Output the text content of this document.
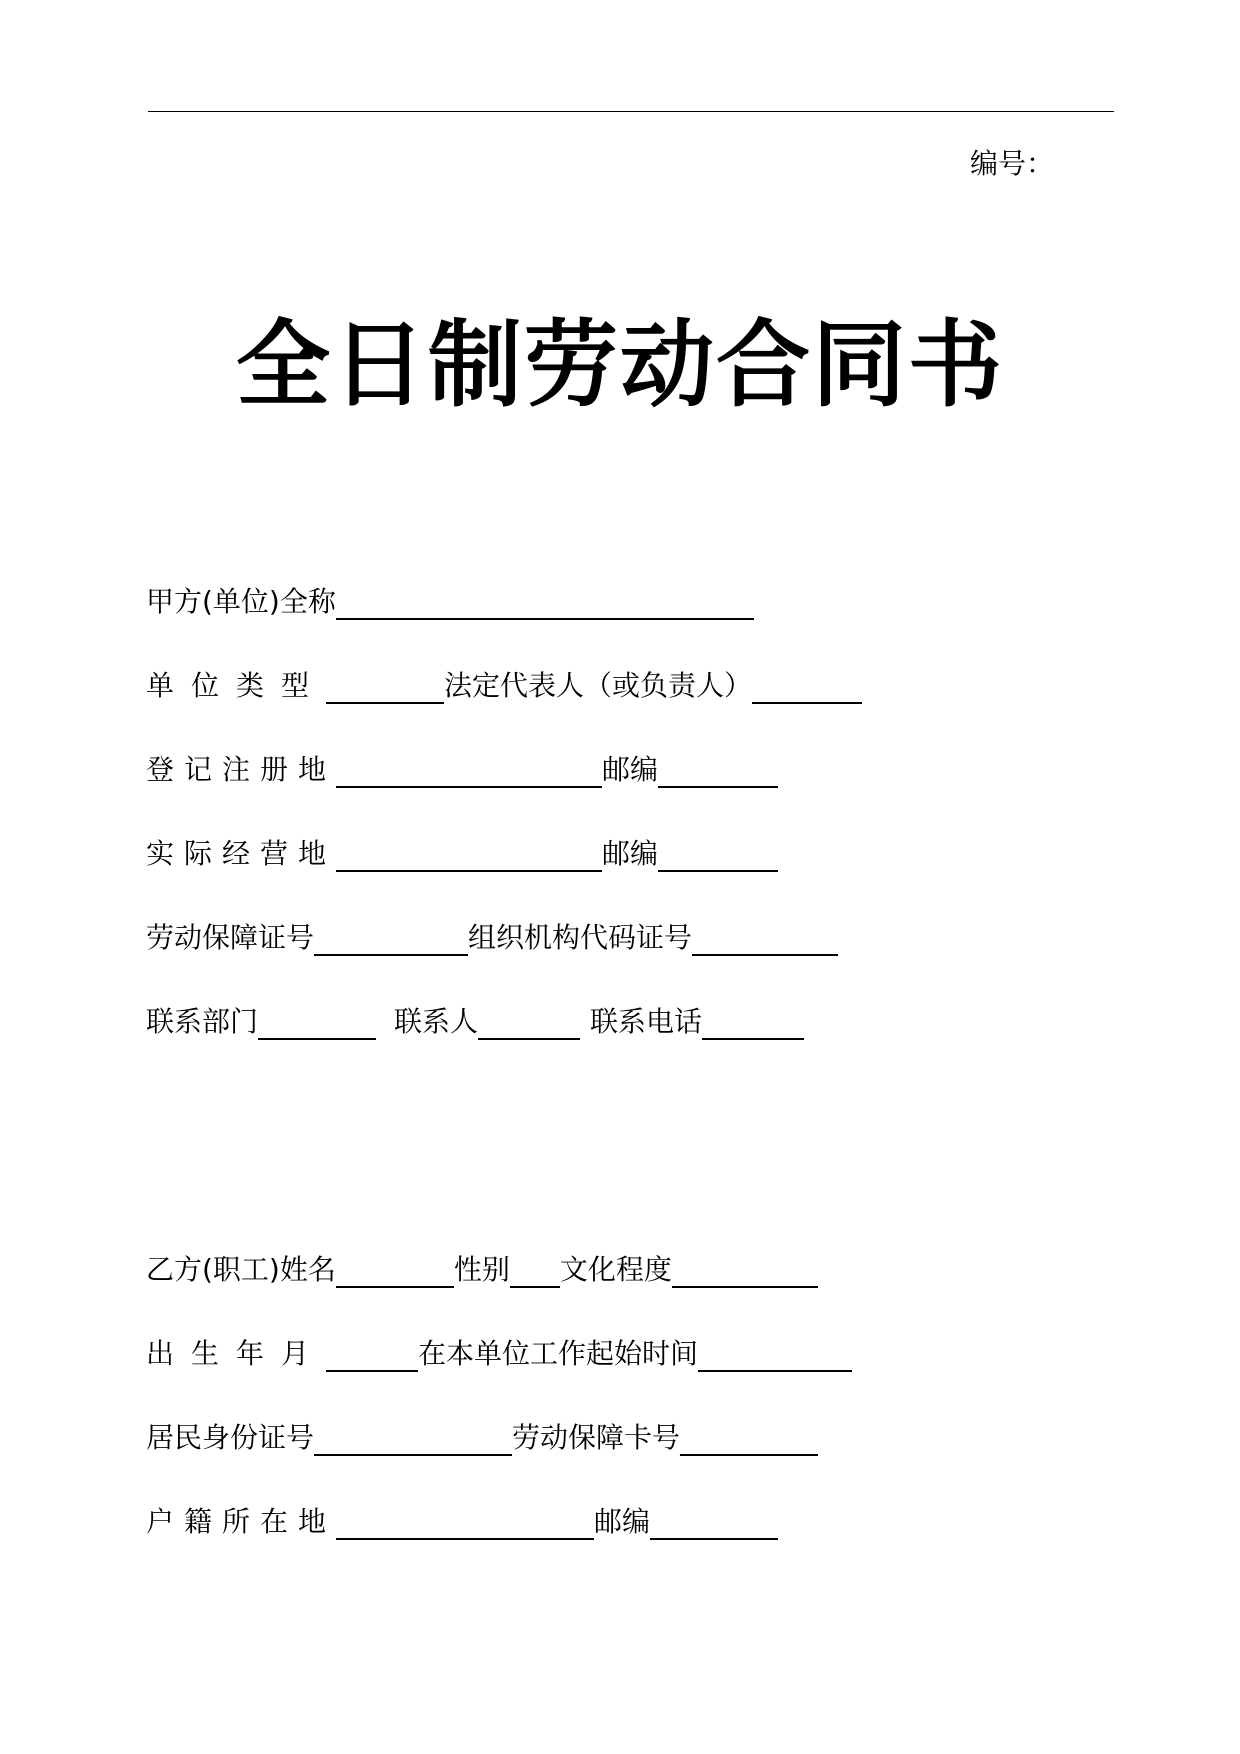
编号：
全日制劳动合同书
甲方(单位)全称
单位类型	法定代表人（或负责人）
登记注册地	邮编
实际经营地	邮编
劳动保障证号	组织机构代码证号
联系部门	联系人	联系电话
乙方(职工)姓名	性别 文化程度
出生年月	在本单位工作起始时间
居民身份证号	劳动保障卡号
户籍所在地	邮编
